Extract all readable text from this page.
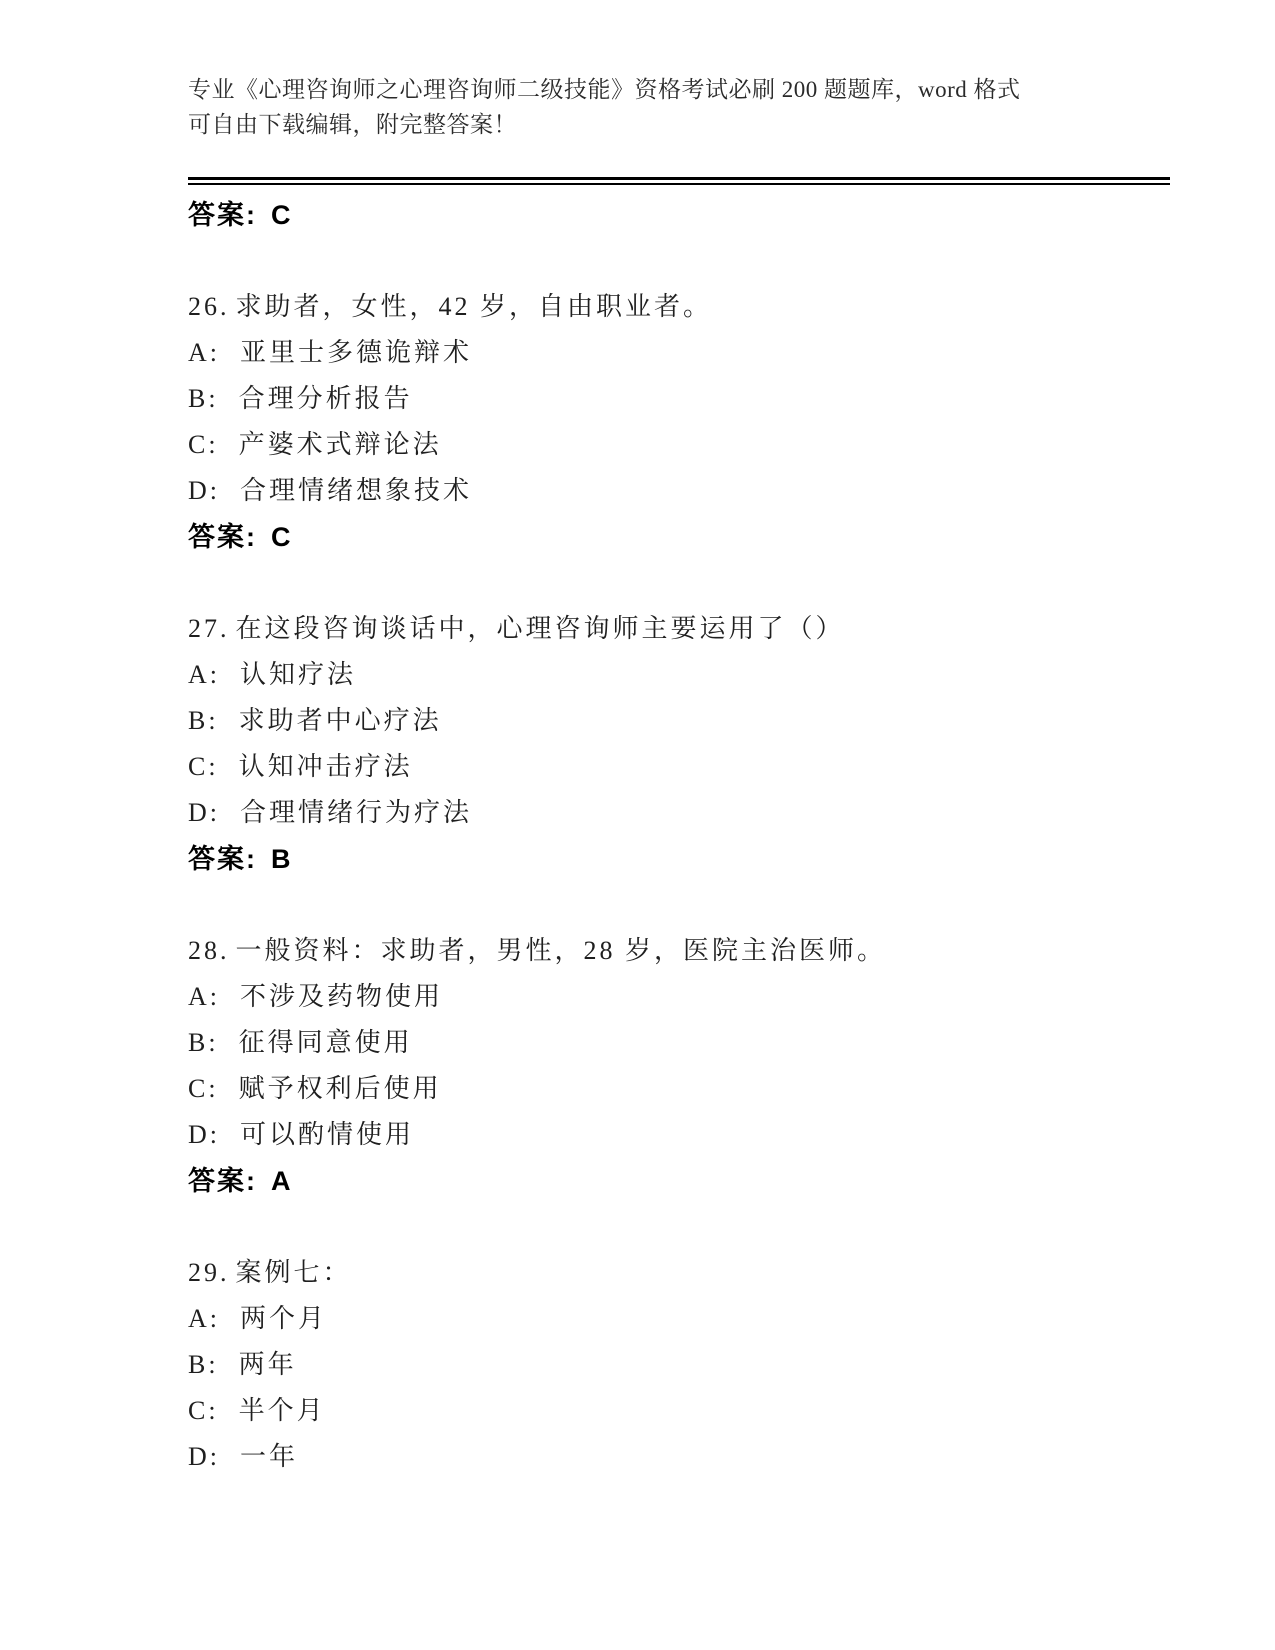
专业《心理咨询师之心理咨询师二级技能》资格考试必刷 200 题题库，word 格式

可自由下载编辑，附完整答案！

答案: C

26. 求助者，女性，42 岁，自由职业者。

A: 亚里士多德诡辩术

B: 合理分析报告

C: 产婆术式辩论法

D: 合理情绪想象技术

答案: C

27. 在这段咨询谈话中，心理咨询师主要运用了（）

A: 认知疗法

B: 求助者中心疗法

C: 认知冲击疗法

D: 合理情绪行为疗法

答案: B

28. 一般资料：求助者，男性，28 岁，医院主治医师。

A: 不涉及药物使用

B: 征得同意使用

C: 赋予权利后使用

D: 可以酌情使用

答案: A

29. 案例七：

A: 两个月

B: 两年

C: 半个月

D: 一年
